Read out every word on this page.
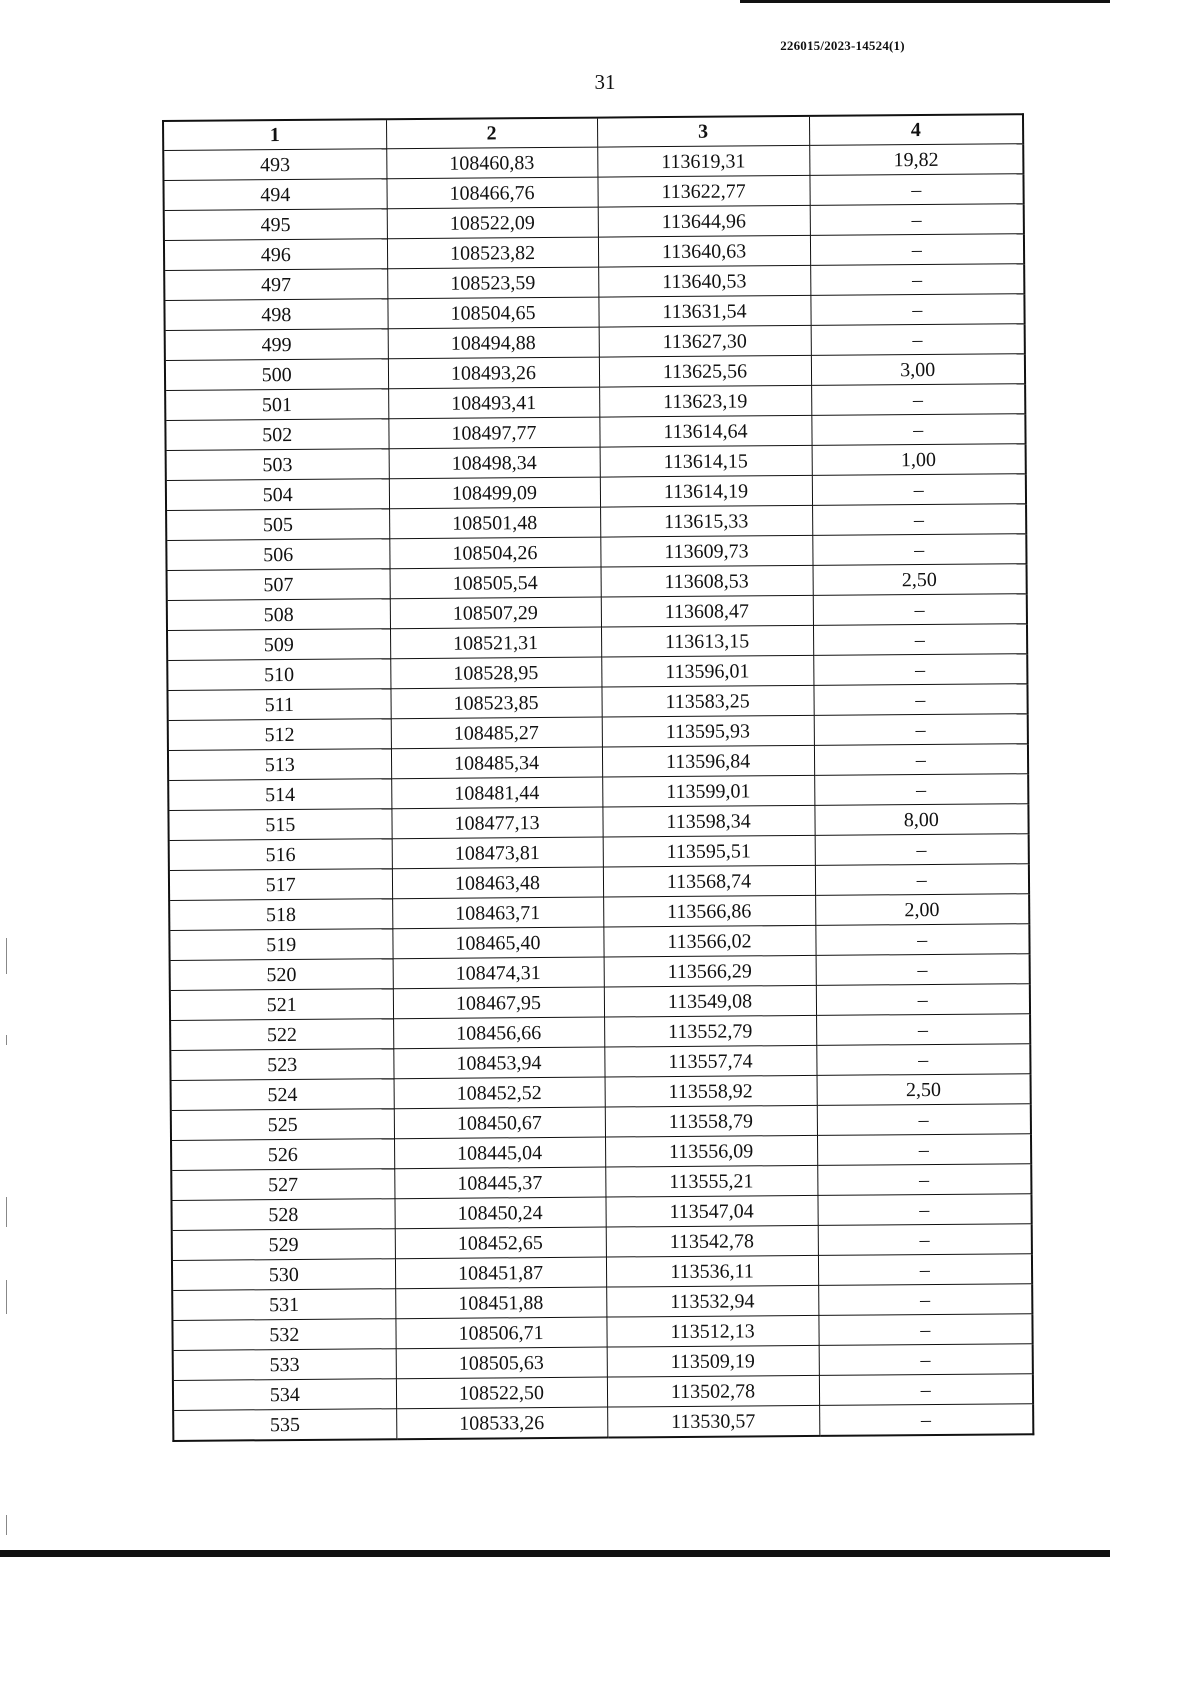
226015/2023-14524(1)
31
1	2	3	4
493	108460,83	113619,31	19,82
494	108466,76	113622,77	–
495	108522,09	113644,96	–
496	108523,82	113640,63	–
497	108523,59	113640,53	–
498	108504,65	113631,54	–
499	108494,88	113627,30	–
500	108493,26	113625,56	3,00
501	108493,41	113623,19	–
502	108497,77	113614,64	–
503	108498,34	113614,15	1,00
504	108499,09	113614,19	–
505	108501,48	113615,33	–
506	108504,26	113609,73	–
507	108505,54	113608,53	2,50
508	108507,29	113608,47	–
509	108521,31	113613,15	–
510	108528,95	113596,01	–
511	108523,85	113583,25	–
512	108485,27	113595,93	–
513	108485,34	113596,84	–
514	108481,44	113599,01	–
515	108477,13	113598,34	8,00
516	108473,81	113595,51	–
517	108463,48	113568,74	–
518	108463,71	113566,86	2,00
519	108465,40	113566,02	–
520	108474,31	113566,29	–
521	108467,95	113549,08	–
522	108456,66	113552,79	–
523	108453,94	113557,74	–
524	108452,52	113558,92	2,50
525	108450,67	113558,79	–
526	108445,04	113556,09	–
527	108445,37	113555,21	–
528	108450,24	113547,04	–
529	108452,65	113542,78	–
530	108451,87	113536,11	–
531	108451,88	113532,94	–
532	108506,71	113512,13	–
533	108505,63	113509,19	–
534	108522,50	113502,78	–
535	108533,26	113530,57	–
